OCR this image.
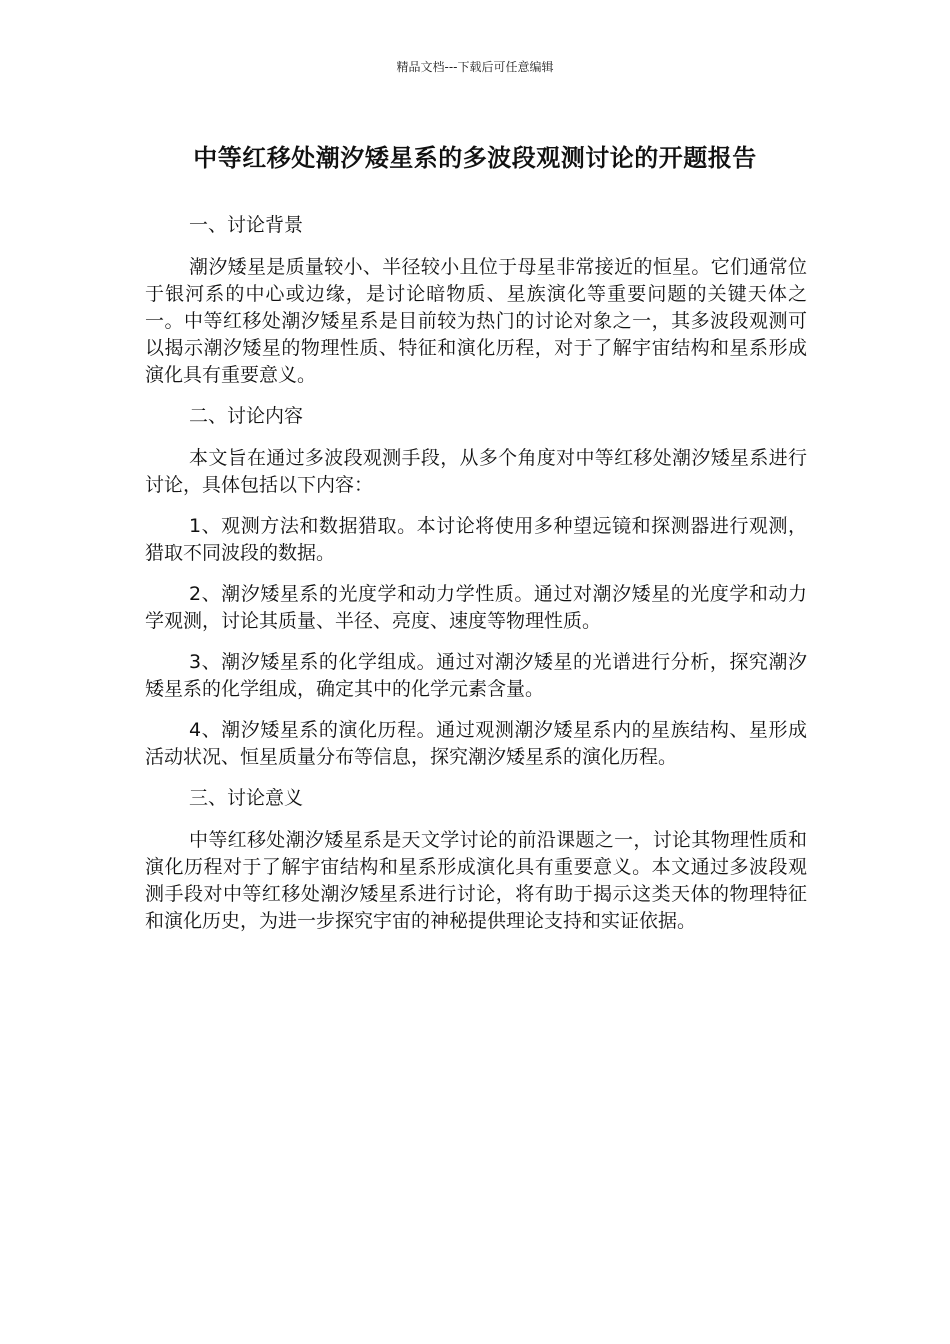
精品文档---下载后可任意编辑
中等红移处潮汐矮星系的多波段观测讨论的开题报告
一、讨论背景
潮汐矮星是质量较小、半径较小且位于母星非常接近的恒星。它们通常位于银河系的中心或边缘，是讨论暗物质、星族演化等重要问题的关键天体之一。中等红移处潮汐矮星系是目前较为热门的讨论对象之一，其多波段观测可以揭示潮汐矮星的物理性质、特征和演化历程，对于了解宇宙结构和星系形成演化具有重要意义。
二、讨论内容
本文旨在通过多波段观测手段，从多个角度对中等红移处潮汐矮星系进行讨论，具体包括以下内容：
1、观测方法和数据猎取。本讨论将使用多种望远镜和探测器进行观测，猎取不同波段的数据。
2、潮汐矮星系的光度学和动力学性质。通过对潮汐矮星的光度学和动力学观测，讨论其质量、半径、亮度、速度等物理性质。
3、潮汐矮星系的化学组成。通过对潮汐矮星的光谱进行分析，探究潮汐矮星系的化学组成，确定其中的化学元素含量。
4、潮汐矮星系的演化历程。通过观测潮汐矮星系内的星族结构、星形成活动状况、恒星质量分布等信息，探究潮汐矮星系的演化历程。
三、讨论意义
中等红移处潮汐矮星系是天文学讨论的前沿课题之一，讨论其物理性质和演化历程对于了解宇宙结构和星系形成演化具有重要意义。本文通过多波段观测手段对中等红移处潮汐矮星系进行讨论，将有助于揭示这类天体的物理特征和演化历史，为进一步探究宇宙的神秘提供理论支持和实证依据。
